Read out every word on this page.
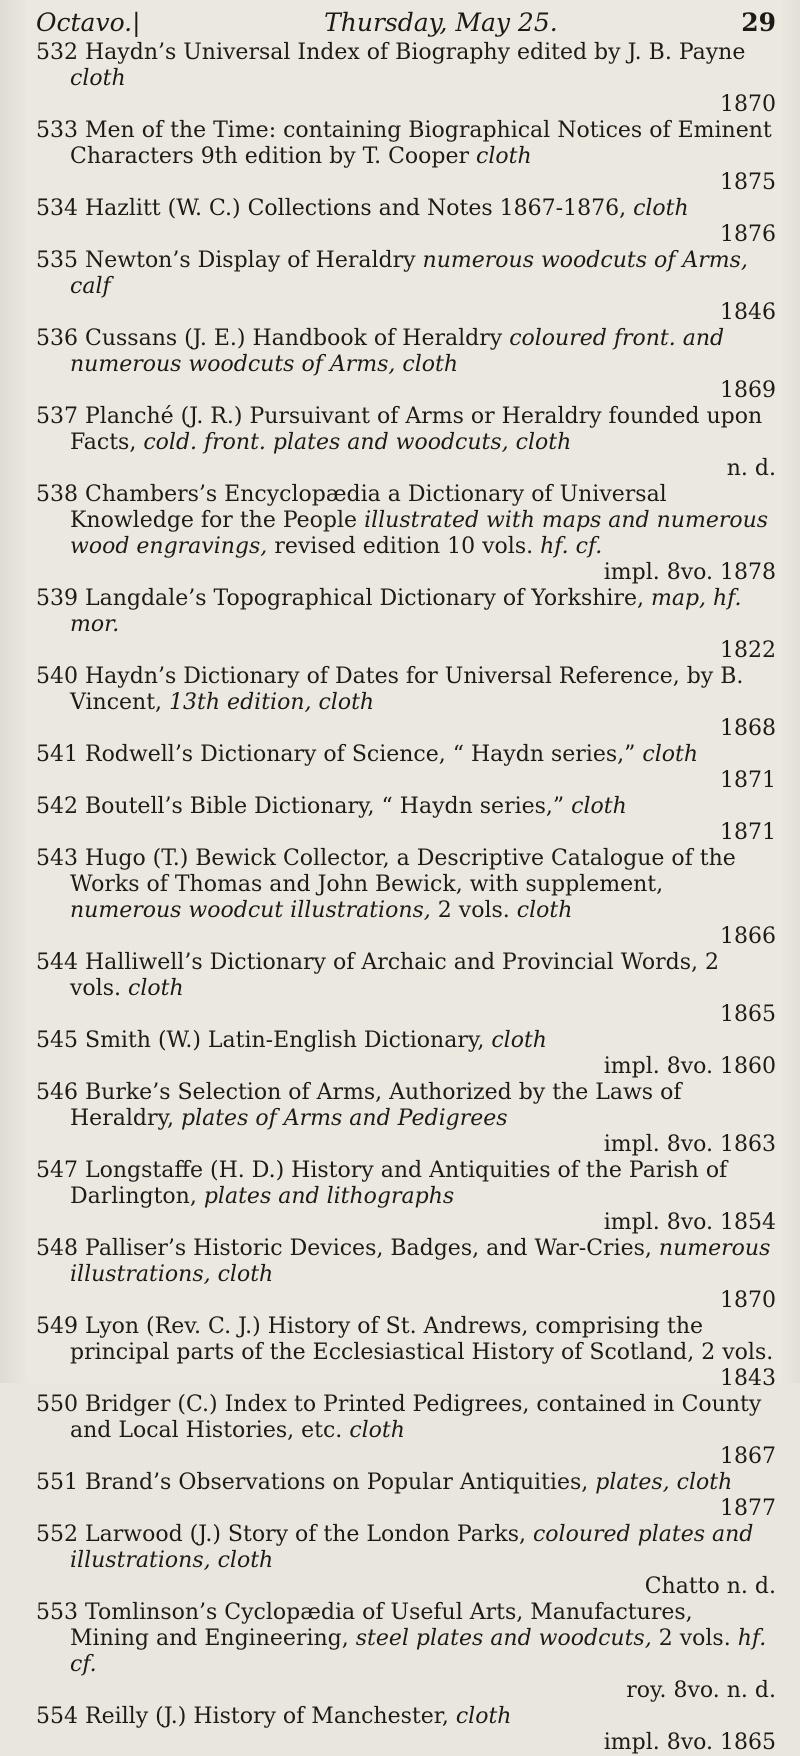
Octavo.|	Thursday, May 25.	29
532 Haydn’s Universal Index of Biography edited by J. B. Payne cloth
1870
533 Men of the Time: containing Biographical Notices of Eminent Characters 9th edition by T. Cooper cloth
1875
534 Hazlitt (W. C.) Collections and Notes 1867-1876, cloth
1876
535 Newton’s Display of Heraldry numerous woodcuts of Arms, calf
1846
536 Cussans (J. E.) Handbook of Heraldry coloured front. and numerous woodcuts of Arms, cloth
1869
537 Planché (J. R.) Pursuivant of Arms or Heraldry founded upon Facts, cold. front. plates and woodcuts, cloth
n. d.
538 Chambers’s Encyclopædia a Dictionary of Universal Knowledge for the People illustrated with maps and numerous wood engravings, revised edition 10 vols. hf. cf.
impl. 8vo. 1878
539 Langdale’s Topographical Dictionary of Yorkshire, map, hf. mor.
1822
540 Haydn’s Dictionary of Dates for Universal Reference, by B. Vincent, 13th edition, cloth
1868
541 Rodwell’s Dictionary of Science, “ Haydn series,” cloth
1871
542 Boutell’s Bible Dictionary, “ Haydn series,” cloth
1871
543 Hugo (T.) Bewick Collector, a Descriptive Catalogue of the Works of Thomas and John Bewick, with supplement, numerous woodcut illustrations, 2 vols. cloth
1866
544 Halliwell’s Dictionary of Archaic and Provincial Words, 2 vols. cloth
1865
545 Smith (W.) Latin-English Dictionary, cloth
impl. 8vo. 1860
546 Burke’s Selection of Arms, Authorized by the Laws of Heraldry, plates of Arms and Pedigrees
impl. 8vo. 1863
547 Longstaffe (H. D.) History and Antiquities of the Parish of Darlington, plates and lithographs
impl. 8vo. 1854
548 Palliser’s Historic Devices, Badges, and War-Cries, numerous illustrations, cloth
1870
549 Lyon (Rev. C. J.) History of St. Andrews, comprising the principal parts of the Ecclesiastical History of Scotland, 2 vols.
1843
550 Bridger (C.) Index to Printed Pedigrees, contained in County and Local Histories, etc. cloth
1867
551 Brand’s Observations on Popular Antiquities, plates, cloth
1877
552 Larwood (J.) Story of the London Parks, coloured plates and illustrations, cloth
Chatto n. d.
553 Tomlinson’s Cyclopædia of Useful Arts, Manufactures, Mining and Engineering, steel plates and woodcuts, 2 vols. hf. cf.
roy. 8vo. n. d.
554 Reilly (J.) History of Manchester, cloth
impl. 8vo. 1865
